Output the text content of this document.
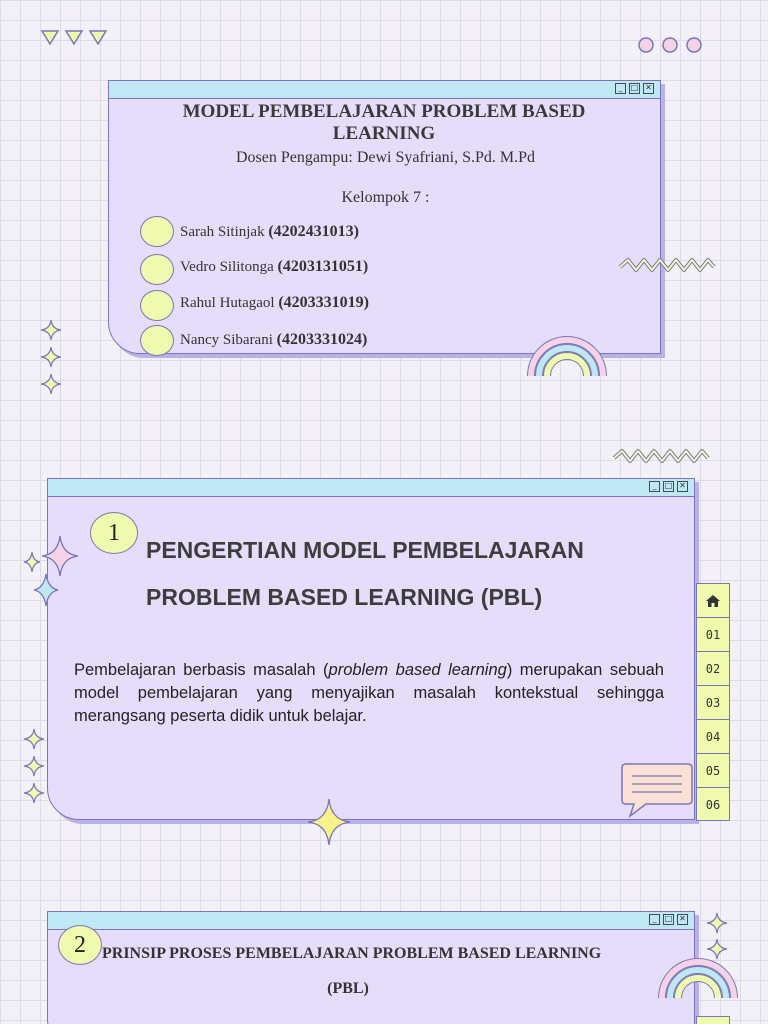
_	□ ✕
MODEL PEMBELAJARAN PROBLEM BASED LEARNING
Dosen Pengampu: Dewi Syafriani, S.Pd. M.Pd
Kelompok 7 :
Sarah Sitinjak (4202431013)
Vedro Silitonga (4203131051)
Rahul Hutagaol (4203331019)
Nancy Sibarani (4203331024)
_	□ ✕
PENGERTIAN MODEL PEMBELAJARAN
PROBLEM BASED LEARNING (PBL)
Pembelajaran berbasis masalah (problem based learning) merupakan sebuah model pembelajaran yang menyajikan masalah kontekstual sehingga merangsang peserta didik untuk belajar.
1
01
02
03
04
05
06
_	□ ✕
PRINSIP PROSES PEMBELAJARAN PROBLEM BASED LEARNING
(PBL)
2
